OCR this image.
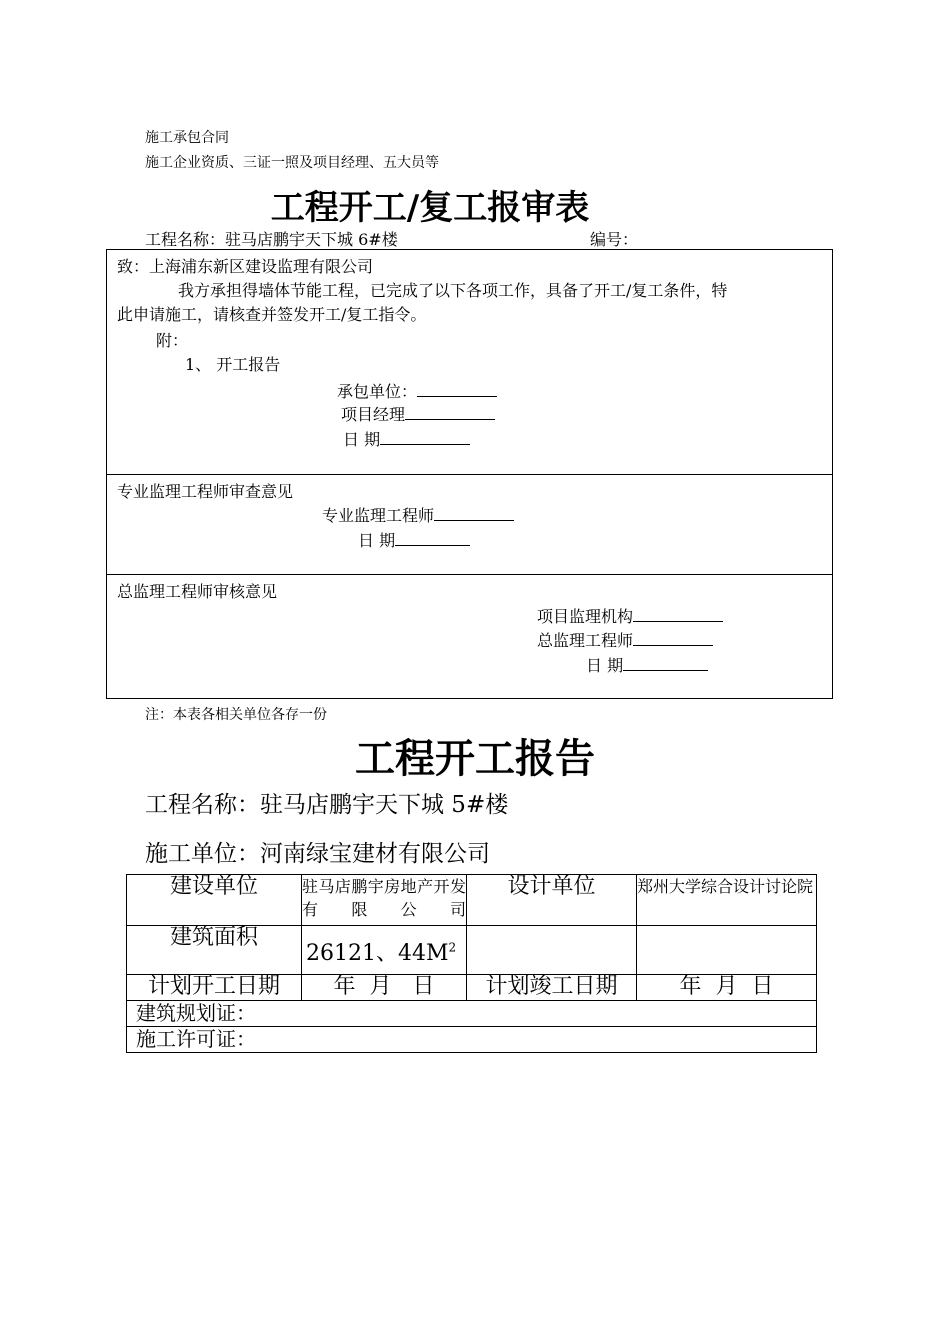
施工承包合同
施工企业资质、三证一照及项目经理、五大员等
工程开工/复工报审表
工程名称：驻马店鹏宇天下城 6#楼	编号：
致：上海浦东新区建设监理有限公司
我方承担得墙体节能工程，已完成了以下各项工作，具备了开工/复工条件，特
此申请施工，请核查并签发开工/复工指令。
附：
1、 开工报告
承包单位：
项目经理
日 期
专业监理工程师审查意见
专业监理工程师
日 期
总监理工程师审核意见
项目监理机构
总监理工程师
日 期
注：本表各相关单位各存一份
工程开工报告
工程名称：驻马店鹏宇天下城 5#楼
施工单位：河南绿宝建材有限公司
建设单位	驻马店鹏宇房地产开发有限公司	设计单位	郑州大学综合设计讨论院
建筑面积	26121、$44M^2$		
计划开工日期	年  月   日	计划竣工日期	年  月  日
建筑规划证：			
施工许可证：			
